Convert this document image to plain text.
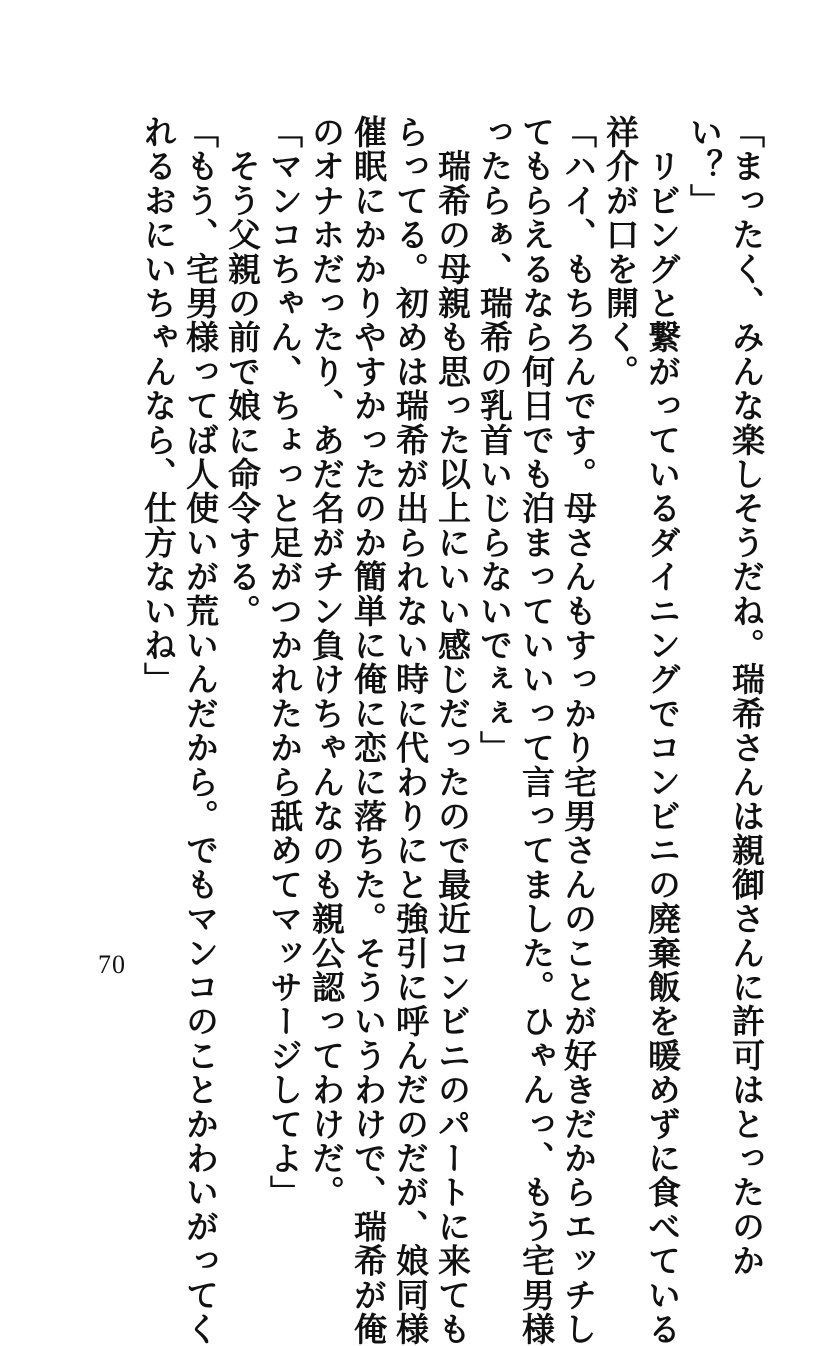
「まったく、みんな楽しそうだね。瑞希さんは親御さんに許可はとったのか
い？」
　リビングと繋がっているダイニングでコンビニの廃棄飯を暖めずに食べている
祥介が口を開く。
「ハイ、もちろんです。母さんもすっかり宅男さんのことが好きだからエッチし
てもらえるなら何日でも泊まっていいって言ってました。ひゃんっ、もう宅男様
ったらぁ、瑞希の乳首いじらないでぇぇ」
　瑞希の母親も思った以上にいい感じだったので最近コンビニのパートに来ても
らってる。初めは瑞希が出られない時に代わりにと強引に呼んだのだが、娘同様
催眠にかかりやすかったのか簡単に俺に恋に落ちた。そういうわけで、瑞希が俺
のオナホだったり、あだ名がチン負けちゃんなのも親公認ってわけだ。
「マンコちゃん、ちょっと足がつかれたから舐めてマッサージしてよ」
　そう父親の前で娘に命令する。
「もう、宅男様ってば人使いが荒いんだから。でもマンコのことかわいがってく
れるおにいちゃんなら、仕方ないね」
70
